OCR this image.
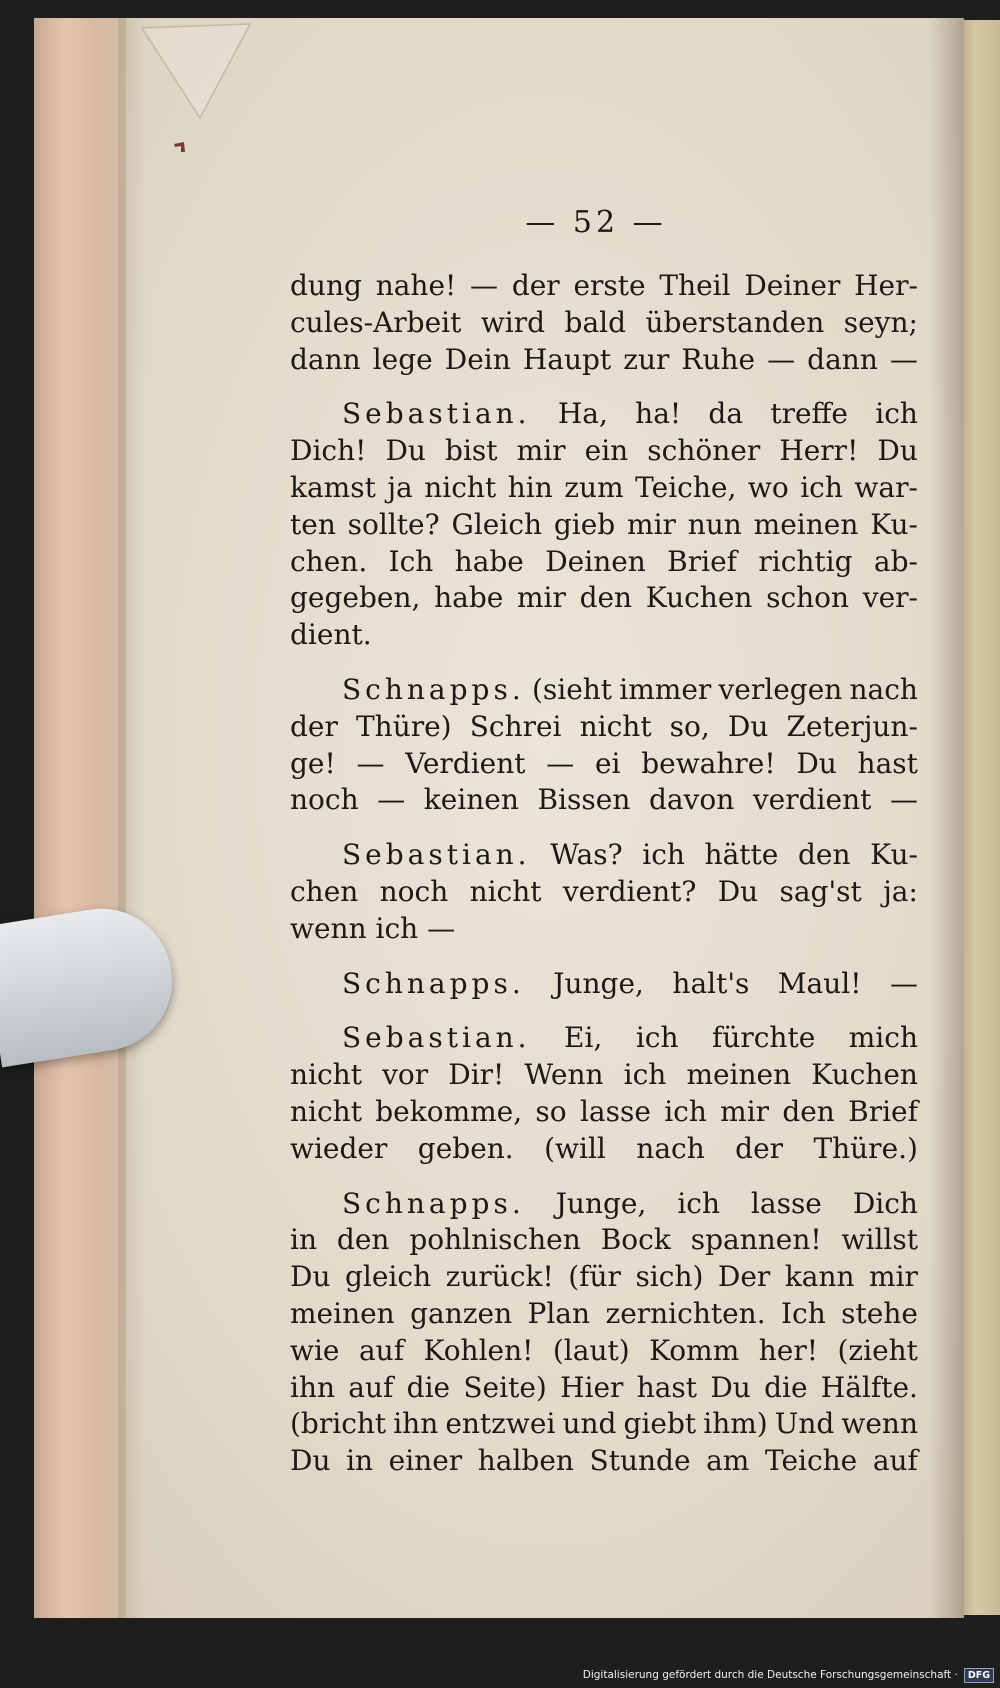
— 52 —
dung nahe! — der erste Theil Deiner Her-
cules-Arbeit wird bald überstanden seyn;
dann lege Dein Haupt zur Ruhe — dann —
Sebastian. Ha, ha! da treffe ich
Dich! Du bist mir ein schöner Herr! Du
kamst ja nicht hin zum Teiche, wo ich war-
ten sollte? Gleich gieb mir nun meinen Ku-
chen. Ich habe Deinen Brief richtig ab-
gegeben, habe mir den Kuchen schon ver-
dient.
Schnapps. (sieht immer verlegen nach
der Thüre) Schrei nicht so, Du Zeterjun-
ge! — Verdient — ei bewahre! Du hast
noch — keinen Bissen davon verdient —
Sebastian. Was? ich hätte den Ku-
chen noch nicht verdient? Du sag'st ja:
wenn ich —
Schnapps. Junge, halt's Maul! —
Sebastian. Ei, ich fürchte mich
nicht vor Dir! Wenn ich meinen Kuchen
nicht bekomme, so lasse ich mir den Brief
wieder geben. (will nach der Thüre.)
Schnapps. Junge, ich lasse Dich
in den pohlnischen Bock spannen! willst
Du gleich zurück! (für sich) Der kann mir
meinen ganzen Plan zernichten. Ich stehe
wie auf Kohlen! (laut) Komm her! (zieht
ihn auf die Seite) Hier hast Du die Hälfte.
(bricht ihn entzwei und giebt ihm) Und wenn
Du in einer halben Stunde am Teiche auf
Digitalisierung gefördert durch die Deutsche Forschungsgemeinschaft ·	DFG
